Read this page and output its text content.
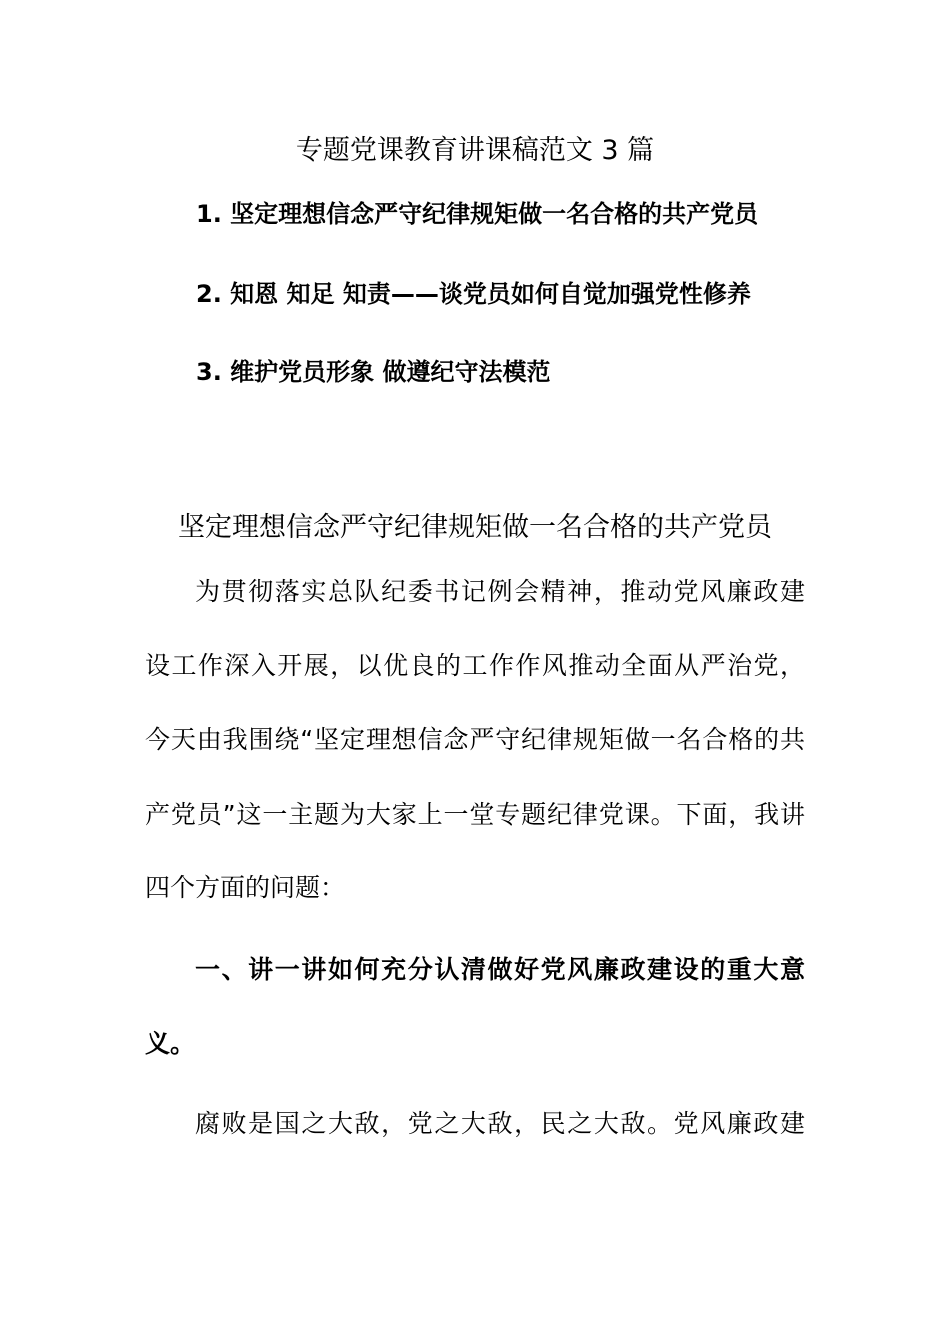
专题党课教育讲课稿范文 3 篇
1. 坚定理想信念严守纪律规矩做一名合格的共产党员
2. 知恩 知足 知责——谈党员如何自觉加强党性修养
3. 维护党员形象 做遵纪守法模范
坚定理想信念严守纪律规矩做一名合格的共产党员
为贯彻落实总队纪委书记例会精神，推动党风廉政建
设工作深入开展，以优良的工作作风推动全面从严治党，
今天由我围绕“坚定理想信念严守纪律规矩做一名合格的共
产党员”这一主题为大家上一堂专题纪律党课。下面，我讲
四个方面的问题：
一、讲一讲如何充分认清做好党风廉政建设的重大意
义。
腐败是国之大敌，党之大敌，民之大敌。党风廉政建
